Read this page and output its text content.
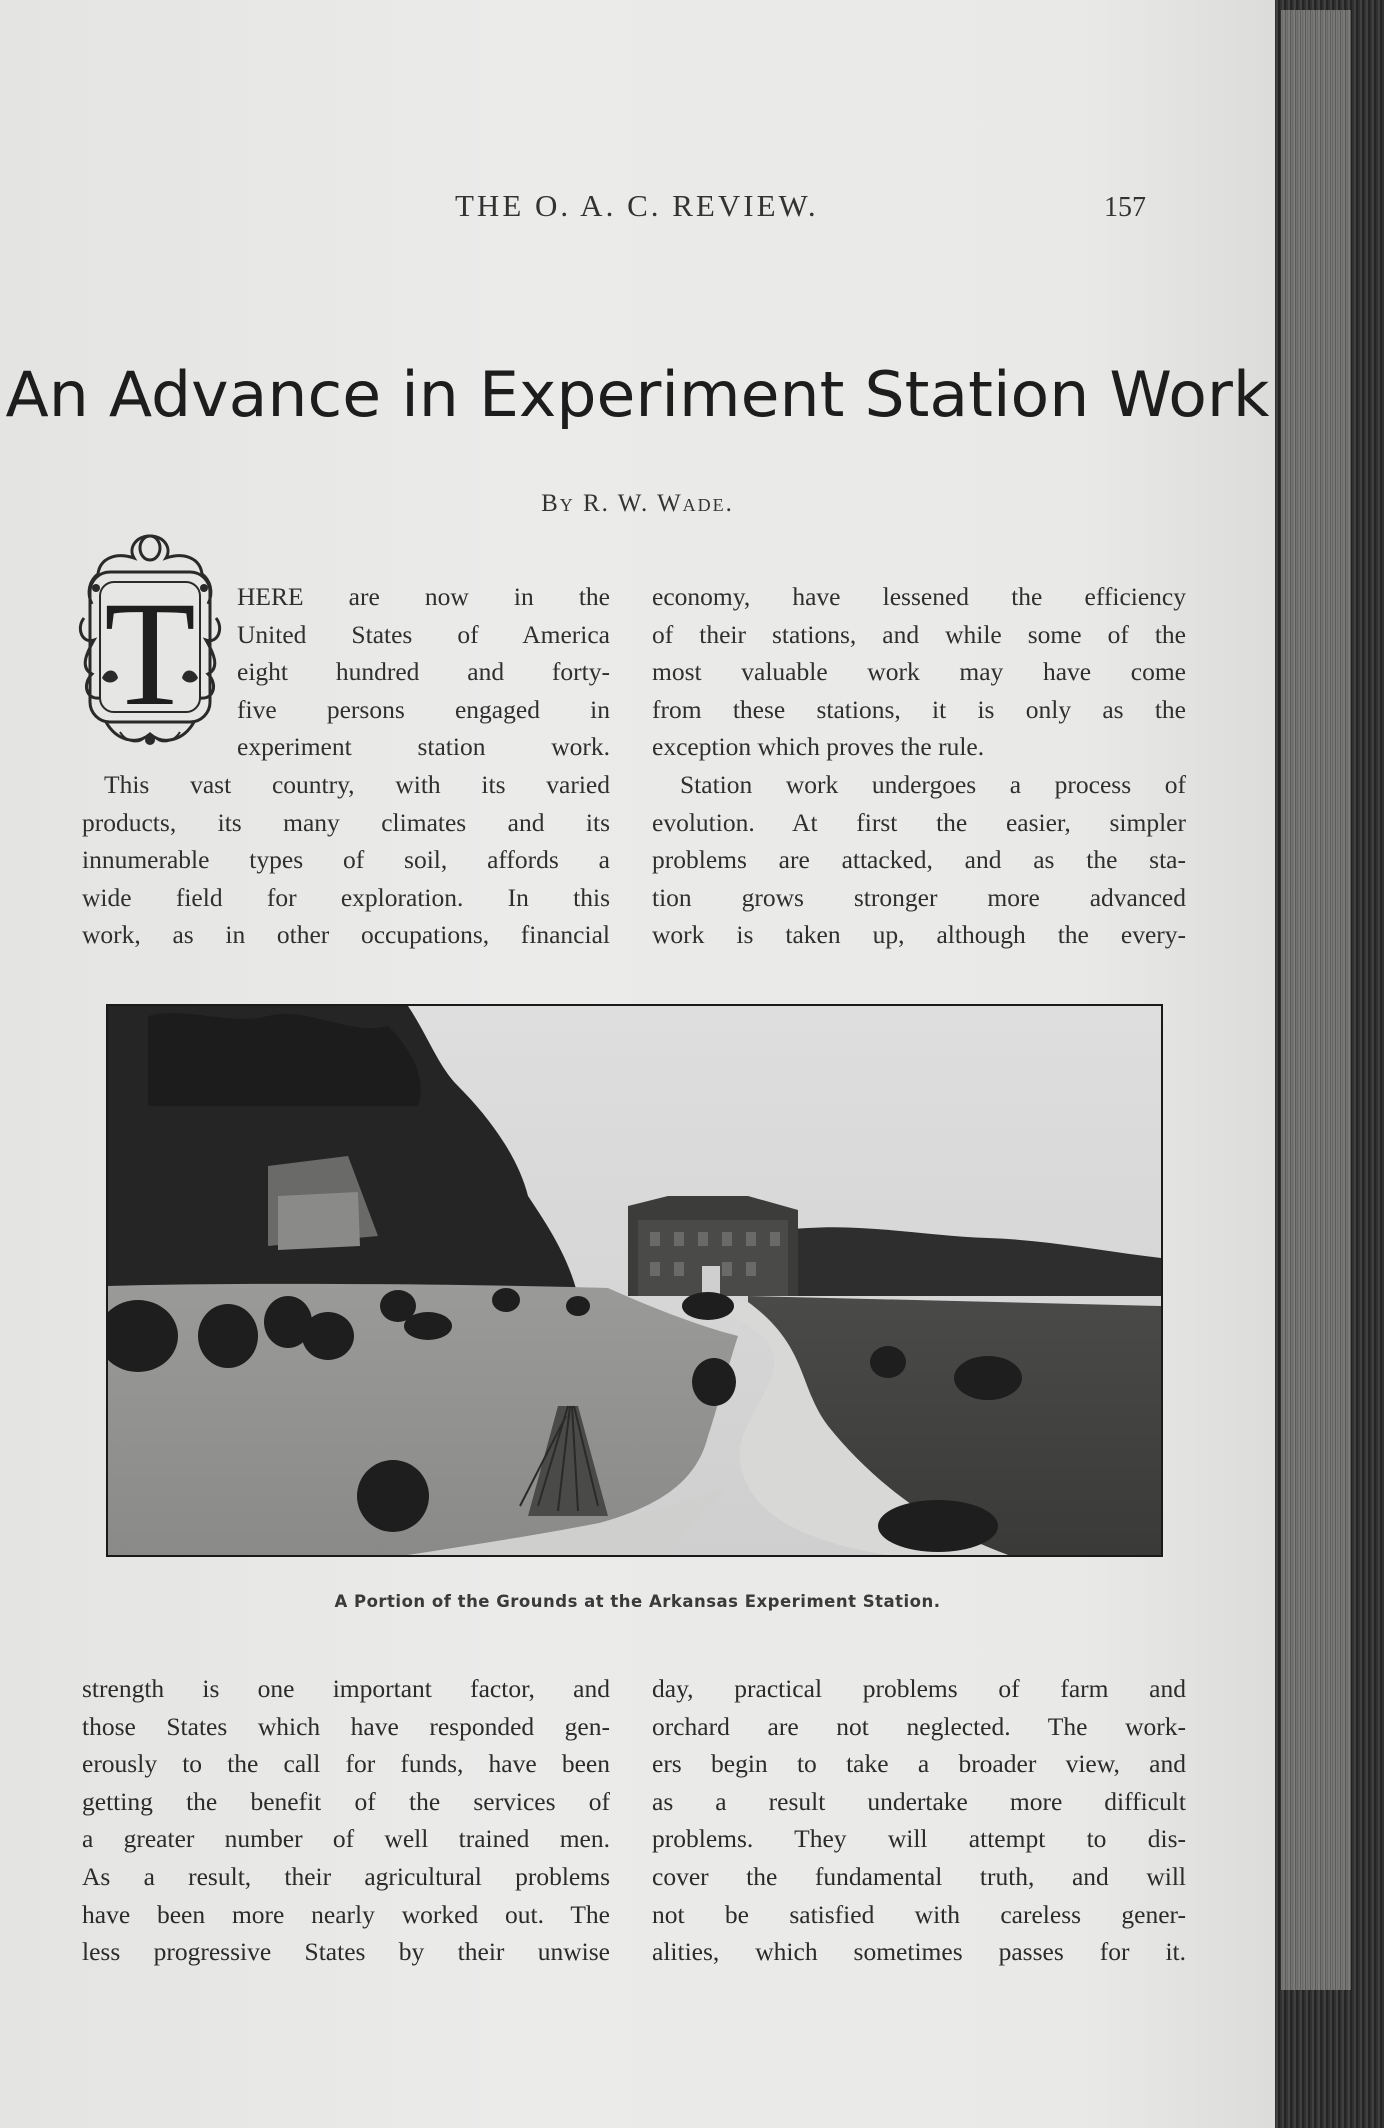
THE O. A. C. REVIEW.	157
An Advance in Experiment Station Work
By R. W. Wade.
T HERE are now in the
United States of America
eight hundred and forty-
five persons engaged in
experiment station work.
This vast country, with its varied
products, its many climates and its
innumerable types of soil, affords a
wide field for exploration. In this
work, as in other occupations, financial
economy, have lessened the efficiency
of their stations, and while some of the
most valuable work may have come
from these stations, it is only as the
exception which proves the rule.
Station work undergoes a process of
evolution. At first the easier, simpler
problems are attacked, and as the sta-
tion grows stronger more advanced
work is taken up, although the every-
A Portion of the Grounds at the Arkansas Experiment Station.
strength is one important factor, and
those States which have responded gen-
erously to the call for funds, have been
getting the benefit of the services of
a greater number of well trained men.
As a result, their agricultural problems
have been more nearly worked out. The
less progressive States by their unwise
day, practical problems of farm and
orchard are not neglected. The work-
ers begin to take a broader view, and
as a result undertake more difficult
problems. They will attempt to dis-
cover the fundamental truth, and will
not be satisfied with careless gener-
alities, which sometimes passes for it.
